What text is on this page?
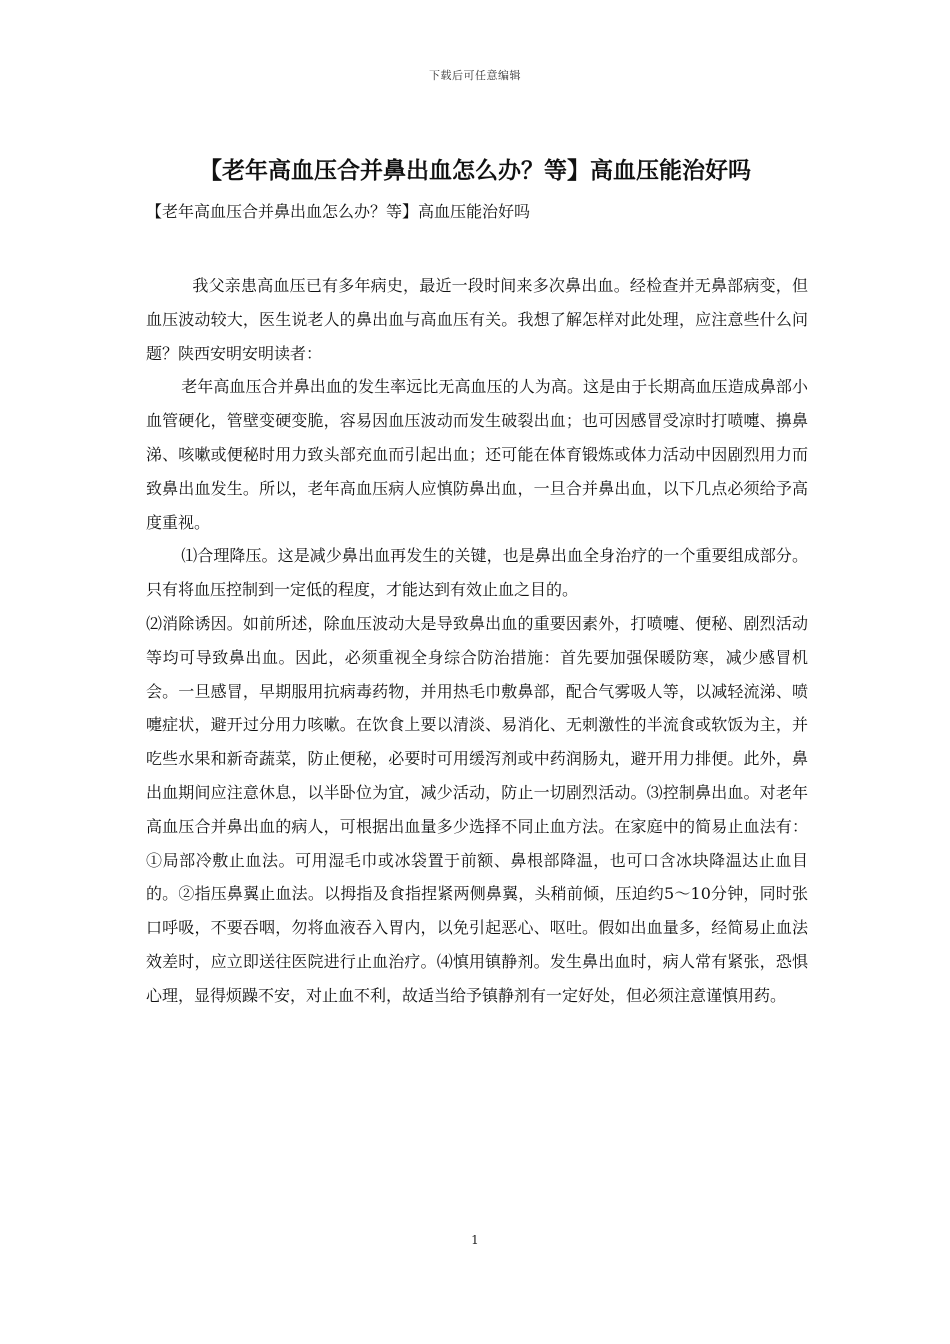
下载后可任意编辑
【老年高血压合并鼻出血怎么办？等】高血压能治好吗
【老年高血压合并鼻出血怎么办？等】高血压能治好吗

我父亲患高血压已有多年病史，最近一段时间来多次鼻出血。经检查并无鼻部病变，但血压波动较大，医生说老人的鼻出血与高血压有关。我想了解怎样对此处理，应注意些什么问题？陕西安明安明读者：

老年高血压合并鼻出血的发生率远比无高血压的人为高。这是由于长期高血压造成鼻部小血管硬化，管壁变硬变脆，容易因血压波动而发生破裂出血；也可因感冒受凉时打喷嚏、擤鼻涕、咳嗽或便秘时用力致头部充血而引起出血；还可能在体育锻炼或体力活动中因剧烈用力而致鼻出血发生。所以，老年高血压病人应慎防鼻出血，一旦合并鼻出血，以下几点必须给予高度重视。

⑴合理降压。这是减少鼻出血再发生的关键，也是鼻出血全身治疗的一个重要组成部分。只有将血压控制到一定低的程度，才能达到有效止血之目的。

⑵消除诱因。如前所述，除血压波动大是导致鼻出血的重要因素外，打喷嚏、便秘、剧烈活动等均可导致鼻出血。因此，必须重视全身综合防治措施：首先要加强保暖防寒，减少感冒机会。一旦感冒，早期服用抗病毒药物，并用热毛巾敷鼻部，配合气雾吸人等，以减轻流涕、喷嚏症状，避开过分用力咳嗽。在饮食上要以清淡、易消化、无刺激性的半流食或软饭为主，并吃些水果和新奇蔬菜，防止便秘，必要时可用缓泻剂或中药润肠丸，避开用力排便。此外，鼻出血期间应注意休息，以半卧位为宜，减少活动，防止一切剧烈活动。⑶控制鼻出血。对老年高血压合并鼻出血的病人，可根据出血量多少选择不同止血方法。在家庭中的简易止血法有：①局部冷敷止血法。可用湿毛巾或冰袋置于前额、鼻根部降温，也可口含冰块降温达止血目的。②指压鼻翼止血法。以拇指及食指捏紧两侧鼻翼，头稍前倾，压迫约5～10分钟，同时张口呼吸，不要吞咽，勿将血液吞入胃内，以免引起恶心、呕吐。假如出血量多，经简易止血法效差时，应立即送往医院进行止血治疗。⑷慎用镇静剂。发生鼻出血时，病人常有紧张，恐惧心理，显得烦躁不安，对止血不利，故适当给予镇静剂有一定好处，但必须注意谨慎用药。

1
